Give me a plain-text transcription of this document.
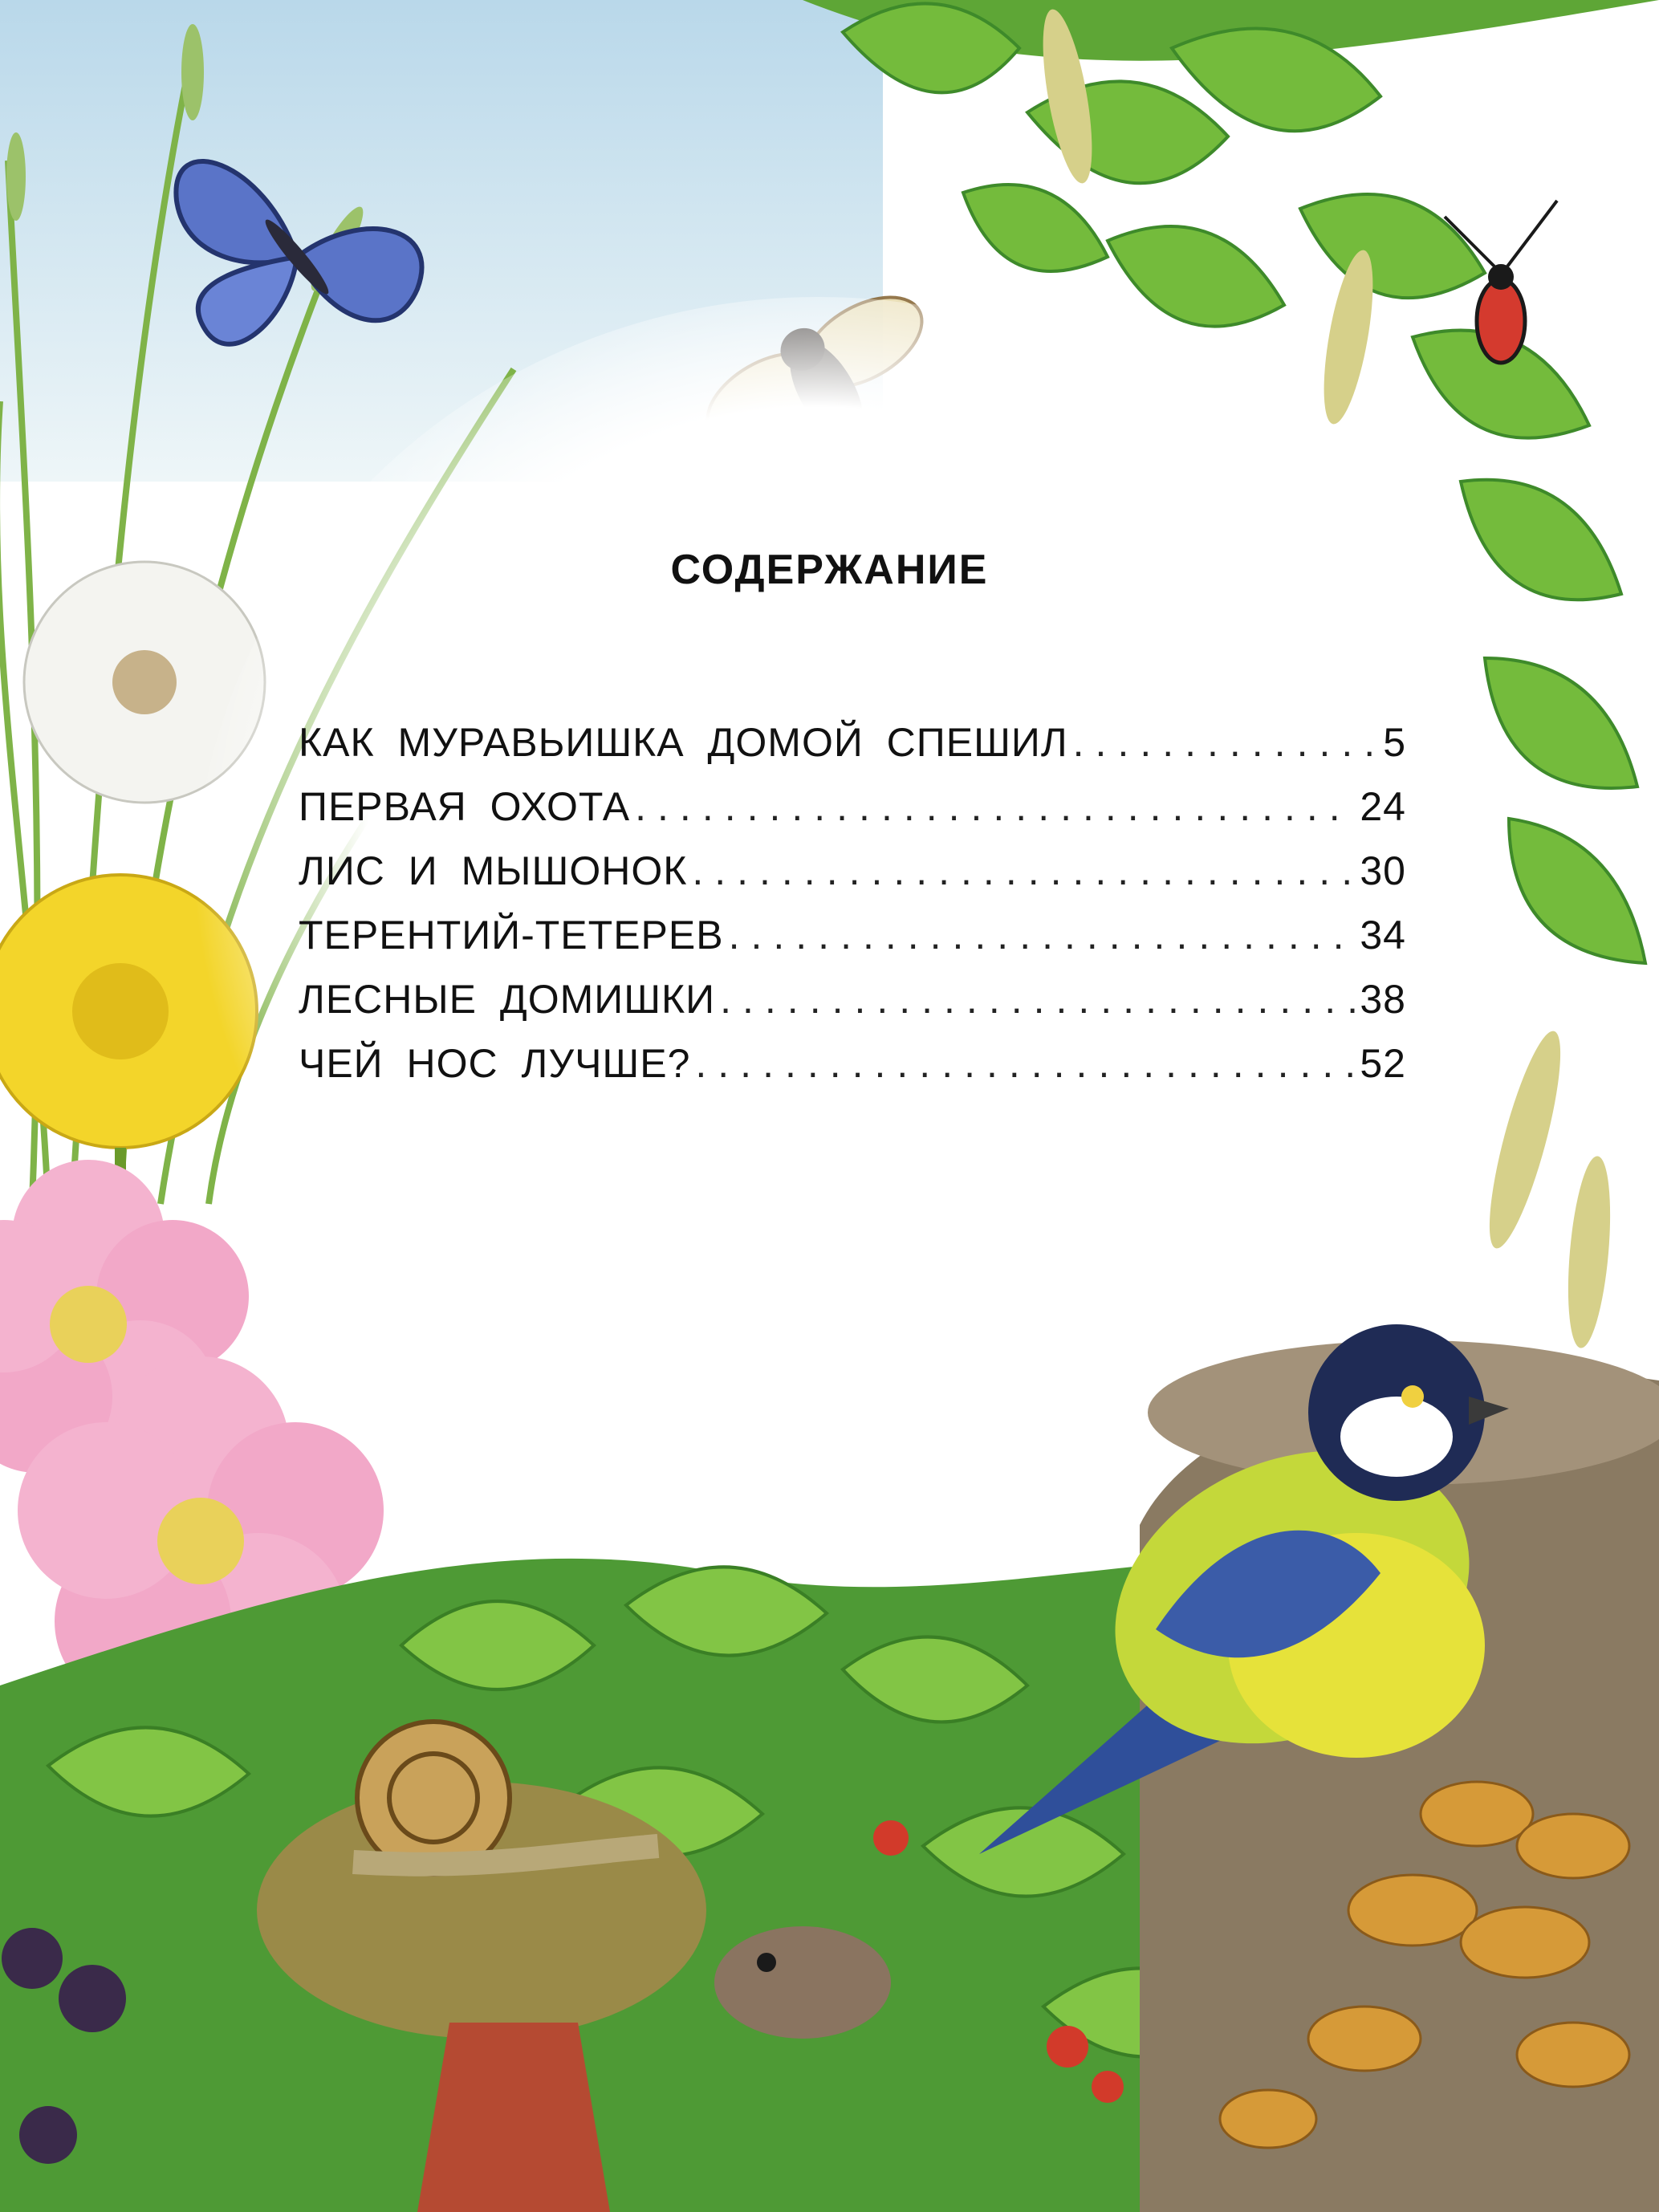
СОДЕРЖАНИЕ
КАК МУРАВЬИШКА ДОМОЙ СПЕШИЛ .....	5
ПЕРВАЯ ОХОТА .....	24
ЛИС И МЫШОНОК .....	30
ТЕРЕНТИЙ-ТЕТЕРЕВ .....	34
ЛЕСНЫЕ ДОМИШКИ .....	38
ЧЕЙ НОС ЛУЧШЕ? .....	52
